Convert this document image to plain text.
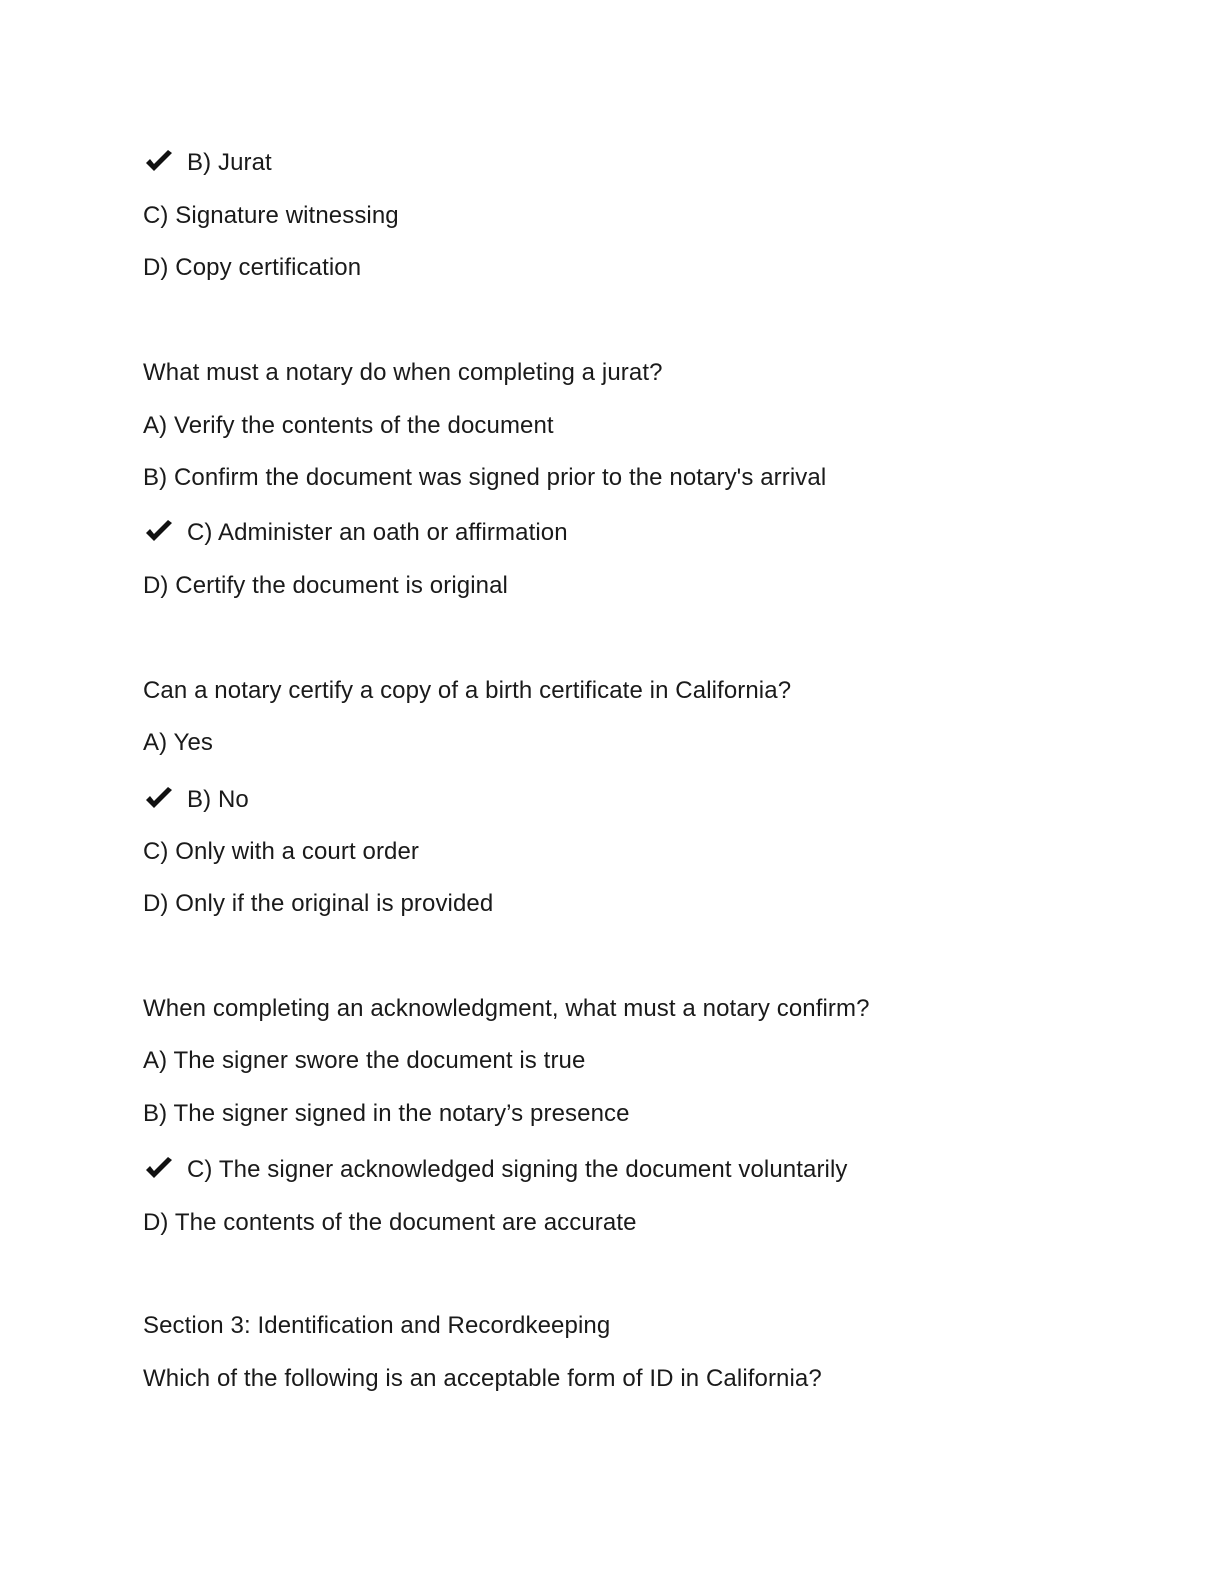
B) Jurat
C) Signature witnessing
D) Copy certification
What must a notary do when completing a jurat?
A) Verify the contents of the document
B) Confirm the document was signed prior to the notary's arrival
C) Administer an oath or affirmation
D) Certify the document is original
Can a notary certify a copy of a birth certificate in California?
A) Yes
B) No
C) Only with a court order
D) Only if the original is provided
When completing an acknowledgment, what must a notary confirm?
A) The signer swore the document is true
B) The signer signed in the notary’s presence
C) The signer acknowledged signing the document voluntarily
D) The contents of the document are accurate
Section 3: Identification and Recordkeeping
Which of the following is an acceptable form of ID in California?
